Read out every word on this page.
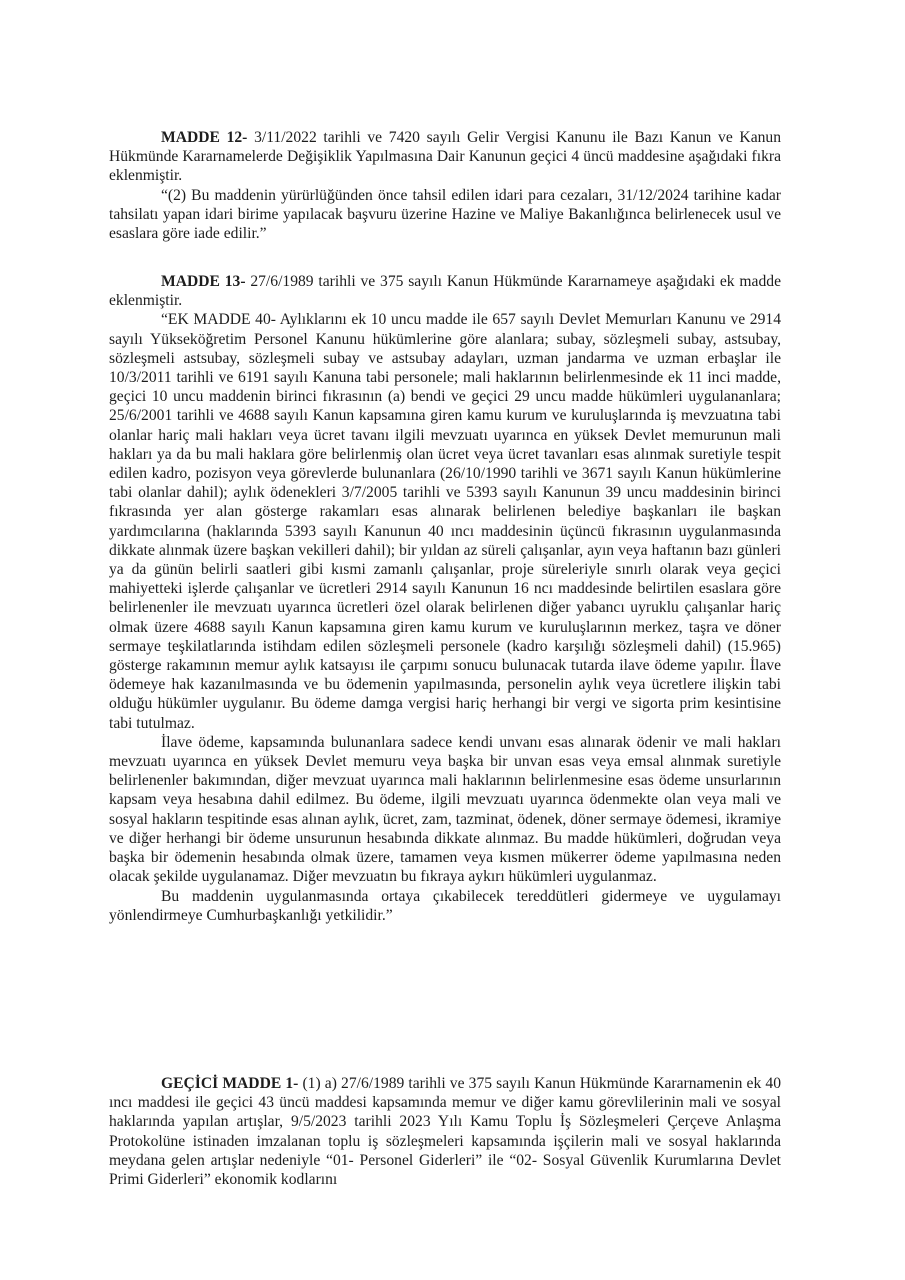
MADDE 12- 3/11/2022 tarihli ve 7420 sayılı Gelir Vergisi Kanunu ile Bazı Kanun ve Kanun Hükmünde Kararnamelerde Değişiklik Yapılmasına Dair Kanunun geçici 4 üncü maddesine aşağıdaki fıkra eklenmiştir.

“(2) Bu maddenin yürürlüğünden önce tahsil edilen idari para cezaları, 31/12/2024 tarihine kadar tahsilatı yapan idari birime yapılacak başvuru üzerine Hazine ve Maliye Bakanlığınca belirlenecek usul ve esaslara göre iade edilir.”

MADDE 13- 27/6/1989 tarihli ve 375 sayılı Kanun Hükmünde Kararnameye aşağıdaki ek madde eklenmiştir.

“EK MADDE 40- Aylıklarını ek 10 uncu madde ile 657 sayılı Devlet Memurları Kanunu ve 2914 sayılı Yükseköğretim Personel Kanunu hükümlerine göre alanlara; subay, sözleşmeli subay, astsubay, sözleşmeli astsubay, sözleşmeli subay ve astsubay adayları, uzman jandarma ve uzman erbaşlar ile 10/3/2011 tarihli ve 6191 sayılı Kanuna tabi personele; mali haklarının belirlenmesinde ek 11 inci madde, geçici 10 uncu maddenin birinci fıkrasının (a) bendi ve geçici 29 uncu madde hükümleri uygulananlara; 25/6/2001 tarihli ve 4688 sayılı Kanun kapsamına giren kamu kurum ve kuruluşlarında iş mevzuatına tabi olanlar hariç mali hakları veya ücret tavanı ilgili mevzuatı uyarınca en yüksek Devlet memurunun mali hakları ya da bu mali haklara göre belirlenmiş olan ücret veya ücret tavanları esas alınmak suretiyle tespit edilen kadro, pozisyon veya görevlerde bulunanlara (26/10/1990 tarihli ve 3671 sayılı Kanun hükümlerine tabi olanlar dahil); aylık ödenekleri 3/7/2005 tarihli ve 5393 sayılı Kanunun 39 uncu maddesinin birinci fıkrasında yer alan gösterge rakamları esas alınarak belirlenen belediye başkanları ile başkan yardımcılarına (haklarında 5393 sayılı Kanunun 40 ıncı maddesinin üçüncü fıkrasının uygulanmasında dikkate alınmak üzere başkan vekilleri dahil); bir yıldan az süreli çalışanlar, ayın veya haftanın bazı günleri ya da günün belirli saatleri gibi kısmi zamanlı çalışanlar, proje süreleriyle sınırlı olarak veya geçici mahiyetteki işlerde çalışanlar ve ücretleri 2914 sayılı Kanunun 16 ncı maddesinde belirtilen esaslara göre belirlenenler ile mevzuatı uyarınca ücretleri özel olarak belirlenen diğer yabancı uyruklu çalışanlar hariç olmak üzere 4688 sayılı Kanun kapsamına giren kamu kurum ve kuruluşlarının merkez, taşra ve döner sermaye teşkilatlarında istihdam edilen sözleşmeli personele (kadro karşılığı sözleşmeli dahil) (15.965) gösterge rakamının memur aylık katsayısı ile çarpımı sonucu bulunacak tutarda ilave ödeme yapılır. İlave ödemeye hak kazanılmasında ve bu ödemenin yapılmasında, personelin aylık veya ücretlere ilişkin tabi olduğu hükümler uygulanır. Bu ödeme damga vergisi hariç herhangi bir vergi ve sigorta prim kesintisine tabi tutulmaz.

İlave ödeme, kapsamında bulunanlara sadece kendi unvanı esas alınarak ödenir ve mali hakları mevzuatı uyarınca en yüksek Devlet memuru veya başka bir unvan esas veya emsal alınmak suretiyle belirlenenler bakımından, diğer mevzuat uyarınca mali haklarının belirlenmesine esas ödeme unsurlarının kapsam veya hesabına dahil edilmez. Bu ödeme, ilgili mevzuatı uyarınca ödenmekte olan veya mali ve sosyal hakların tespitinde esas alınan aylık, ücret, zam, tazminat, ödenek, döner sermaye ödemesi, ikramiye ve diğer herhangi bir ödeme unsurunun hesabında dikkate alınmaz. Bu madde hükümleri, doğrudan veya başka bir ödemenin hesabında olmak üzere, tamamen veya kısmen mükerrer ödeme yapılmasına neden olacak şekilde uygulanamaz. Diğer mevzuatın bu fıkraya aykırı hükümleri uygulanmaz.

Bu maddenin uygulanmasında ortaya çıkabilecek tereddütleri gidermeye ve uygulamayı yönlendirmeye Cumhurbaşkanlığı yetkilidir.”

GEÇİCİ MADDE 1- (1) a) 27/6/1989 tarihli ve 375 sayılı Kanun Hükmünde Kararnamenin ek 40 ıncı maddesi ile geçici 43 üncü maddesi kapsamında memur ve diğer kamu görevlilerinin mali ve sosyal haklarında yapılan artışlar, 9/5/2023 tarihli 2023 Yılı Kamu Toplu İş Sözleşmeleri Çerçeve Anlaşma Protokolüne istinaden imzalanan toplu iş sözleşmeleri kapsamında işçilerin mali ve sosyal haklarında meydana gelen artışlar nedeniyle “01- Personel Giderleri” ile “02- Sosyal Güvenlik Kurumlarına Devlet Primi Giderleri” ekonomik kodlarını
